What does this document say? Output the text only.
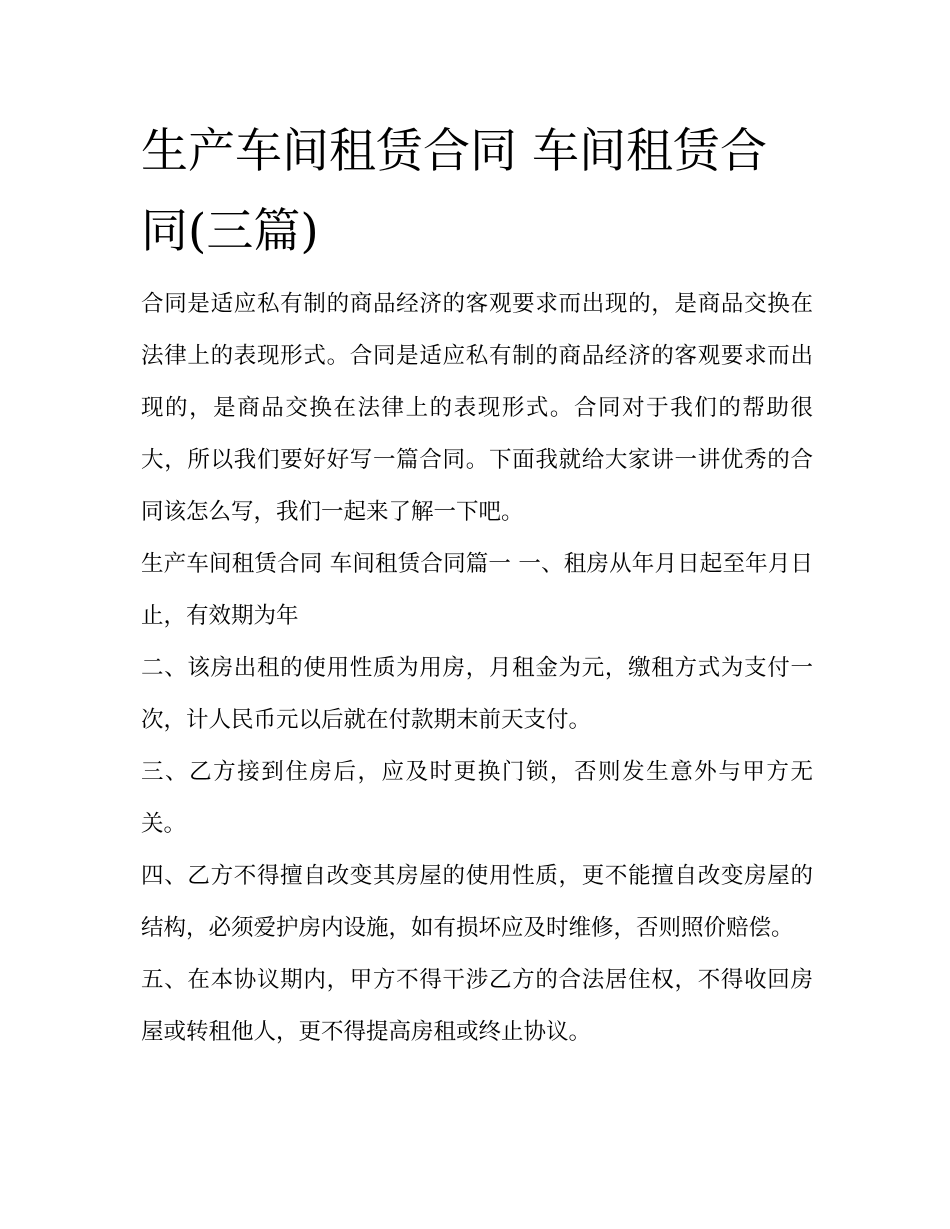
生产车间租赁合同 车间租赁合同(三篇)

合同是适应私有制的商品经济的客观要求而出现的，是商品交换在法律上的表现形式。合同是适应私有制的商品经济的客观要求而出现的，是商品交换在法律上的表现形式。合同对于我们的帮助很大，所以我们要好好写一篇合同。下面我就给大家讲一讲优秀的合同该怎么写，我们一起来了解一下吧。

生产车间租赁合同 车间租赁合同篇一 一、租房从年月日起至年月日止，有效期为年

二、该房出租的使用性质为用房，月租金为元，缴租方式为支付一次，计人民币元以后就在付款期末前天支付。

三、乙方接到住房后，应及时更换门锁，否则发生意外与甲方无关。

四、乙方不得擅自改变其房屋的使用性质，更不能擅自改变房屋的结构，必须爱护房内设施，如有损坏应及时维修，否则照价赔偿。

五、在本协议期内，甲方不得干涉乙方的合法居住权，不得收回房屋或转租他人，更不得提高房租或终止协议。
